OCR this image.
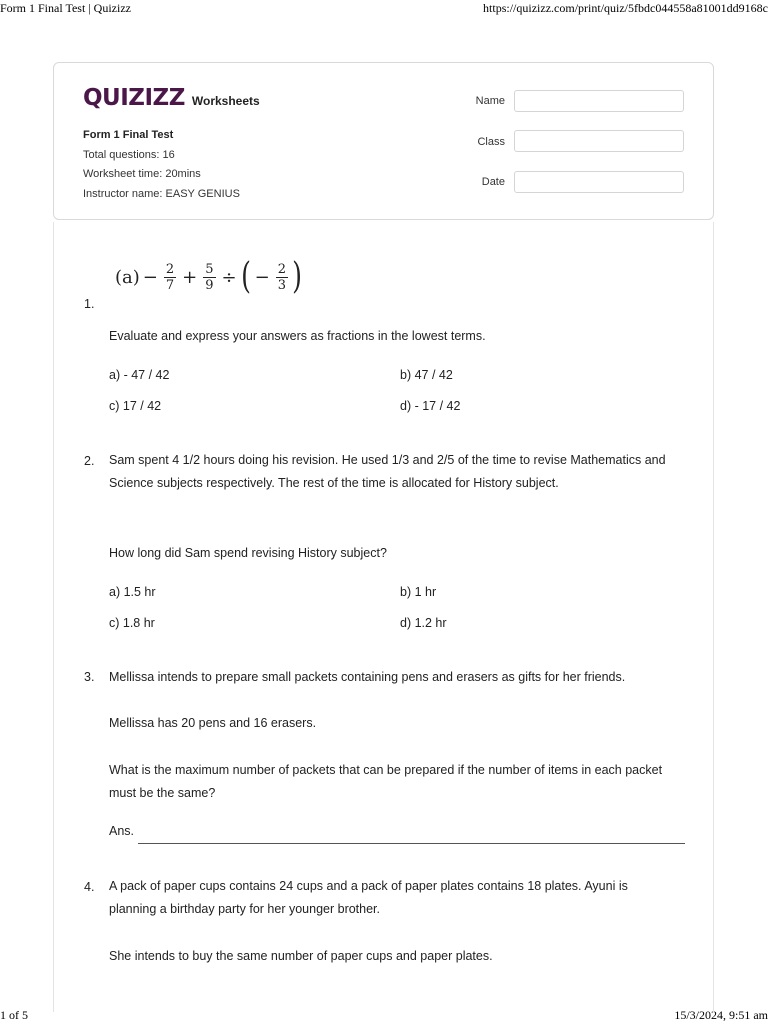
Form 1 Final Test | Quizizz	https://quizizz.com/print/quiz/5fbdc044558a81001dd9168c
1 of 5	15/3/2024, 9:51 am
QUIZIZZ Worksheets
Form 1 Final Test
Total questions: 16
Worksheet time: 20mins
Instructor name: EASY GENIUS
Name
Class
Date
$(a) - \frac{2}{7} + \frac{5}{9}$ ÷ ( − $\frac{2}{3}$ )
1.
Evaluate and express your answers as fractions in the lowest terms.
a) - 47 / 42	b) 47 / 42
c) 17 / 42	d) - 17 / 42
2. Sam spent 4 1/2 hours doing his revision. He used 1/3 and 2/5 of the time to revise Mathematics and Science subjects respectively. The rest of the time is allocated for History subject.
How long did Sam spend revising History subject?
a) 1.5 hr	b) 1 hr
c) 1.8 hr	d) 1.2 hr
3. Mellissa intends to prepare small packets containing pens and erasers as gifts for her friends.
Mellissa has 20 pens and 16 erasers.
What is the maximum number of packets that can be prepared if the number of items in each packet must be the same?
Ans.
4. A pack of paper cups contains 24 cups and a pack of paper plates contains 18 plates. Ayuni is planning a birthday party for her younger brother.
She intends to buy the same number of paper cups and paper plates.
